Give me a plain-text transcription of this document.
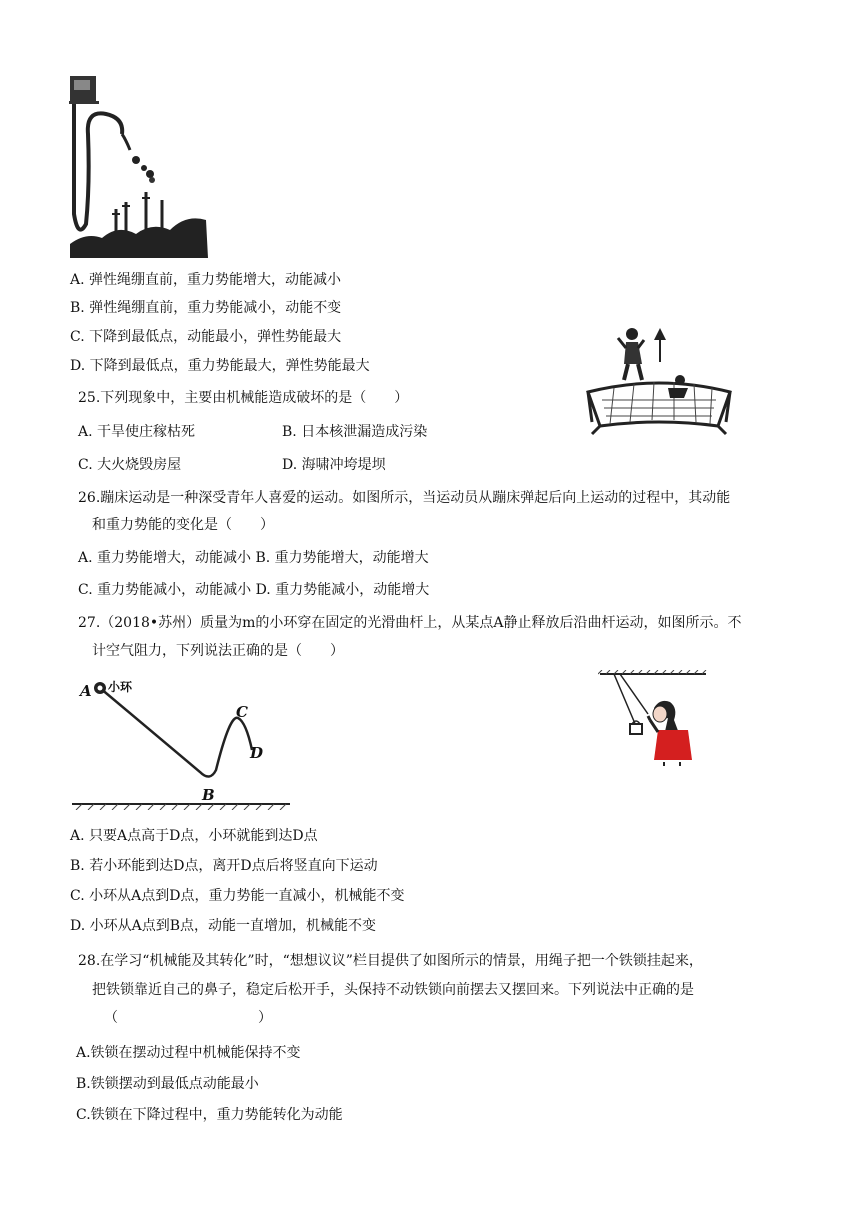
A. 弹性绳绷直前，重力势能增大，动能减小
B. 弹性绳绷直前，重力势能减小，动能不变
C. 下降到最低点，动能最小，弹性势能最大
D. 下降到最低点，重力势能最大，弹性势能最大
25.下列现象中，主要由机械能造成破坏的是（　　）
A. 干旱使庄稼枯死	B. 日本核泄漏造成污染
C. 大火烧毁房屋	D. 海啸冲垮堤坝
26.蹦床运动是一种深受青年人喜爱的运动。如图所示，当运动员从蹦床弹起后向上运动的过程中，其动能
和重力势能的变化是（　　）
A. 重力势能增大，动能减小 B. 重力势能增大，动能增大
C. 重力势能减小，动能减小 D. 重力势能减小，动能增大
27.（2018•苏州）质量为m的小环穿在固定的光滑曲杆上，从某点A静止释放后沿曲杆运动，如图所示。不
计空气阻力，下列说法正确的是（　　）
A 小环
B
C
D
A. 只要A点高于D点，小环就能到达D点
B. 若小环能到达D点，离开D点后将竖直向下运动
C. 小环从A点到D点，重力势能一直减小，机械能不变
D. 小环从A点到B点，动能一直增加，机械能不变
28.在学习“机械能及其转化”时，“想想议议”栏目提供了如图所示的情景，用绳子把一个铁锁挂起来，
把铁锁靠近自己的鼻子，稳定后松开手，头保持不动铁锁向前摆去又摆回来。下列说法中正确的是
（　　　　　　　　　　）
A.铁锁在摆动过程中机械能保持不变
B.铁锁摆动到最低点动能最小
C.铁锁在下降过程中，重力势能转化为动能
